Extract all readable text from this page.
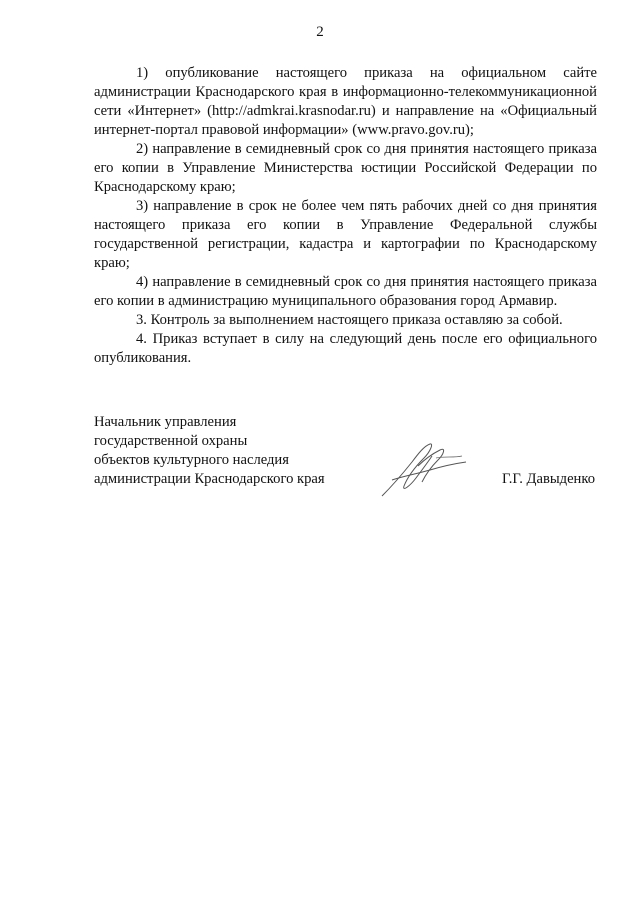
2

1) опубликование настоящего приказа на официальном сайте администрации Краснодарского края в информационно-телекоммуникационной сети «Интернет» (http://admkrai.krasnodar.ru) и направление на «Официальный интернет-портал правовой информации» (www.pravo.gov.ru);

2) направление в семидневный срок со дня принятия настоящего приказа его копии в Управление Министерства юстиции Российской Федерации по Краснодарскому краю;

3) направление в срок не более чем пять рабочих дней со дня принятия настоящего приказа его копии в Управление Федеральной службы государственной регистрации, кадастра и картографии по Краснодарскому краю;

4) направление в семидневный срок со дня принятия настоящего приказа его копии в администрацию муниципального образования город Армавир.

3. Контроль за выполнением настоящего приказа оставляю за собой.

4. Приказ вступает в силу на следующий день после его официального опубликования.

Начальник управления
государственной охраны
объектов культурного наследия
администрации Краснодарского края	Г.Г. Давыденко
